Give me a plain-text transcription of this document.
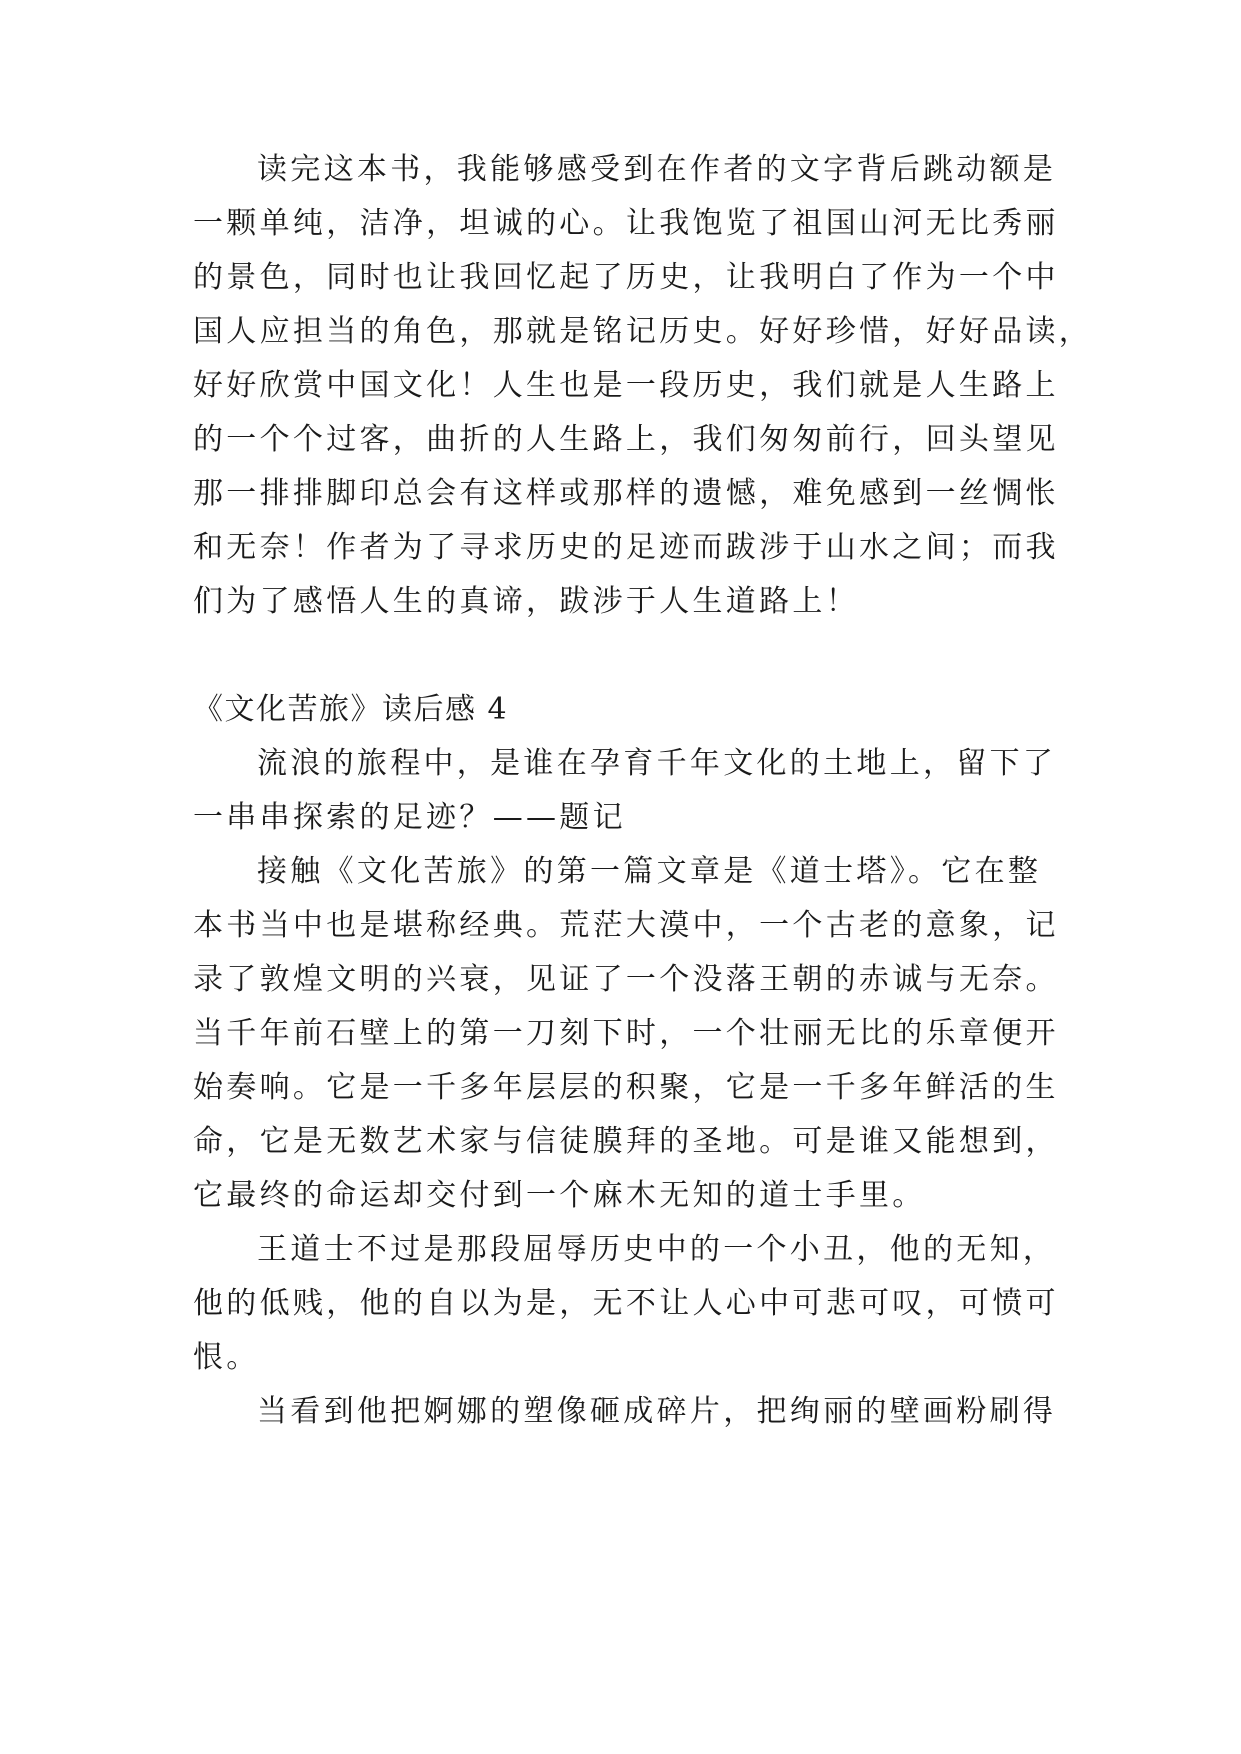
读完这本书，我能够感受到在作者的文字背后跳动额是
一颗单纯，洁净，坦诚的心。让我饱览了祖国山河无比秀丽
的景色，同时也让我回忆起了历史，让我明白了作为一个中
国人应担当的角色，那就是铭记历史。好好珍惜，好好品读，
好好欣赏中国文化！人生也是一段历史，我们就是人生路上
的一个个过客，曲折的人生路上，我们匆匆前行，回头望见
那一排排脚印总会有这样或那样的遗憾，难免感到一丝惆怅
和无奈！作者为了寻求历史的足迹而跋涉于山水之间；而我
们为了感悟人生的真谛，跋涉于人生道路上！
《文化苦旅》读后感 4
流浪的旅程中，是谁在孕育千年文化的土地上，留下了
一串串探索的足迹？——题记
接触《文化苦旅》的第一篇文章是《道士塔》。它在整
本书当中也是堪称经典。荒茫大漠中，一个古老的意象，记
录了敦煌文明的兴衰，见证了一个没落王朝的赤诚与无奈。
当千年前石壁上的第一刀刻下时，一个壮丽无比的乐章便开
始奏响。它是一千多年层层的积聚，它是一千多年鲜活的生
命，它是无数艺术家与信徒膜拜的圣地。可是谁又能想到，
它最终的命运却交付到一个麻木无知的道士手里。
王道士不过是那段屈辱历史中的一个小丑，他的无知，
他的低贱，他的自以为是，无不让人心中可悲可叹，可愤可
恨。
当看到他把婀娜的塑像砸成碎片，把绚丽的壁画粉刷得
